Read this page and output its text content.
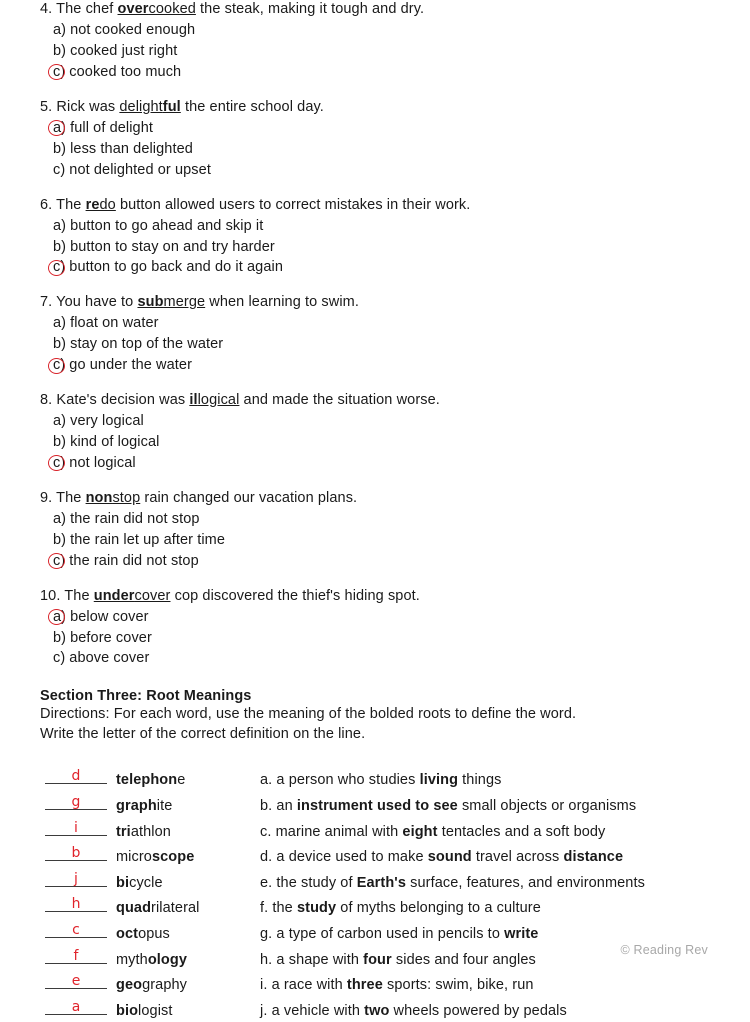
4. The chef overcooked the steak, making it tough and dry.
a) not cooked enough
b) cooked just right
c) cooked too much
5. Rick was delightful the entire school day.
a) full of delight
b) less than delighted
c) not delighted or upset
6. The redo button allowed users to correct mistakes in their work.
a) button to go ahead and skip it
b) button to stay on and try harder
c) button to go back and do it again
7. You have to submerge when learning to swim.
a) float on water
b) stay on top of the water
c) go under the water
8. Kate's decision was illogical and made the situation worse.
a) very logical
b) kind of logical
c) not logical
9. The nonstop rain changed our vacation plans.
a) the rain did not stop
b) the rain let up after time
c) the rain did not stop
10. The undercover cop discovered the thief's hiding spot.
a) below cover
b) before cover
c) above cover
Section Three: Root Meanings
Directions: For each word, use the meaning of the bolded roots to define the word.
Write the letter of the correct definition on the line.
d	telephone	a. a person who studies living things
g	graphite	b. an instrument used to see small objects or organisms
i	triathlon	c. marine animal with eight tentacles and a soft body
b	microscope	d. a device used to make sound travel across distance
j	bicycle	e. the study of Earth's surface, features, and environments
h	quadrilateral	f. the study of myths belonging to a culture
c	octopus	g. a type of carbon used in pencils to write
f	mythology	h. a shape with four sides and four angles
e	geography	i. a race with three sports: swim, bike, run
a	biologist	j. a vehicle with two wheels powered by pedals
© Reading Rev
